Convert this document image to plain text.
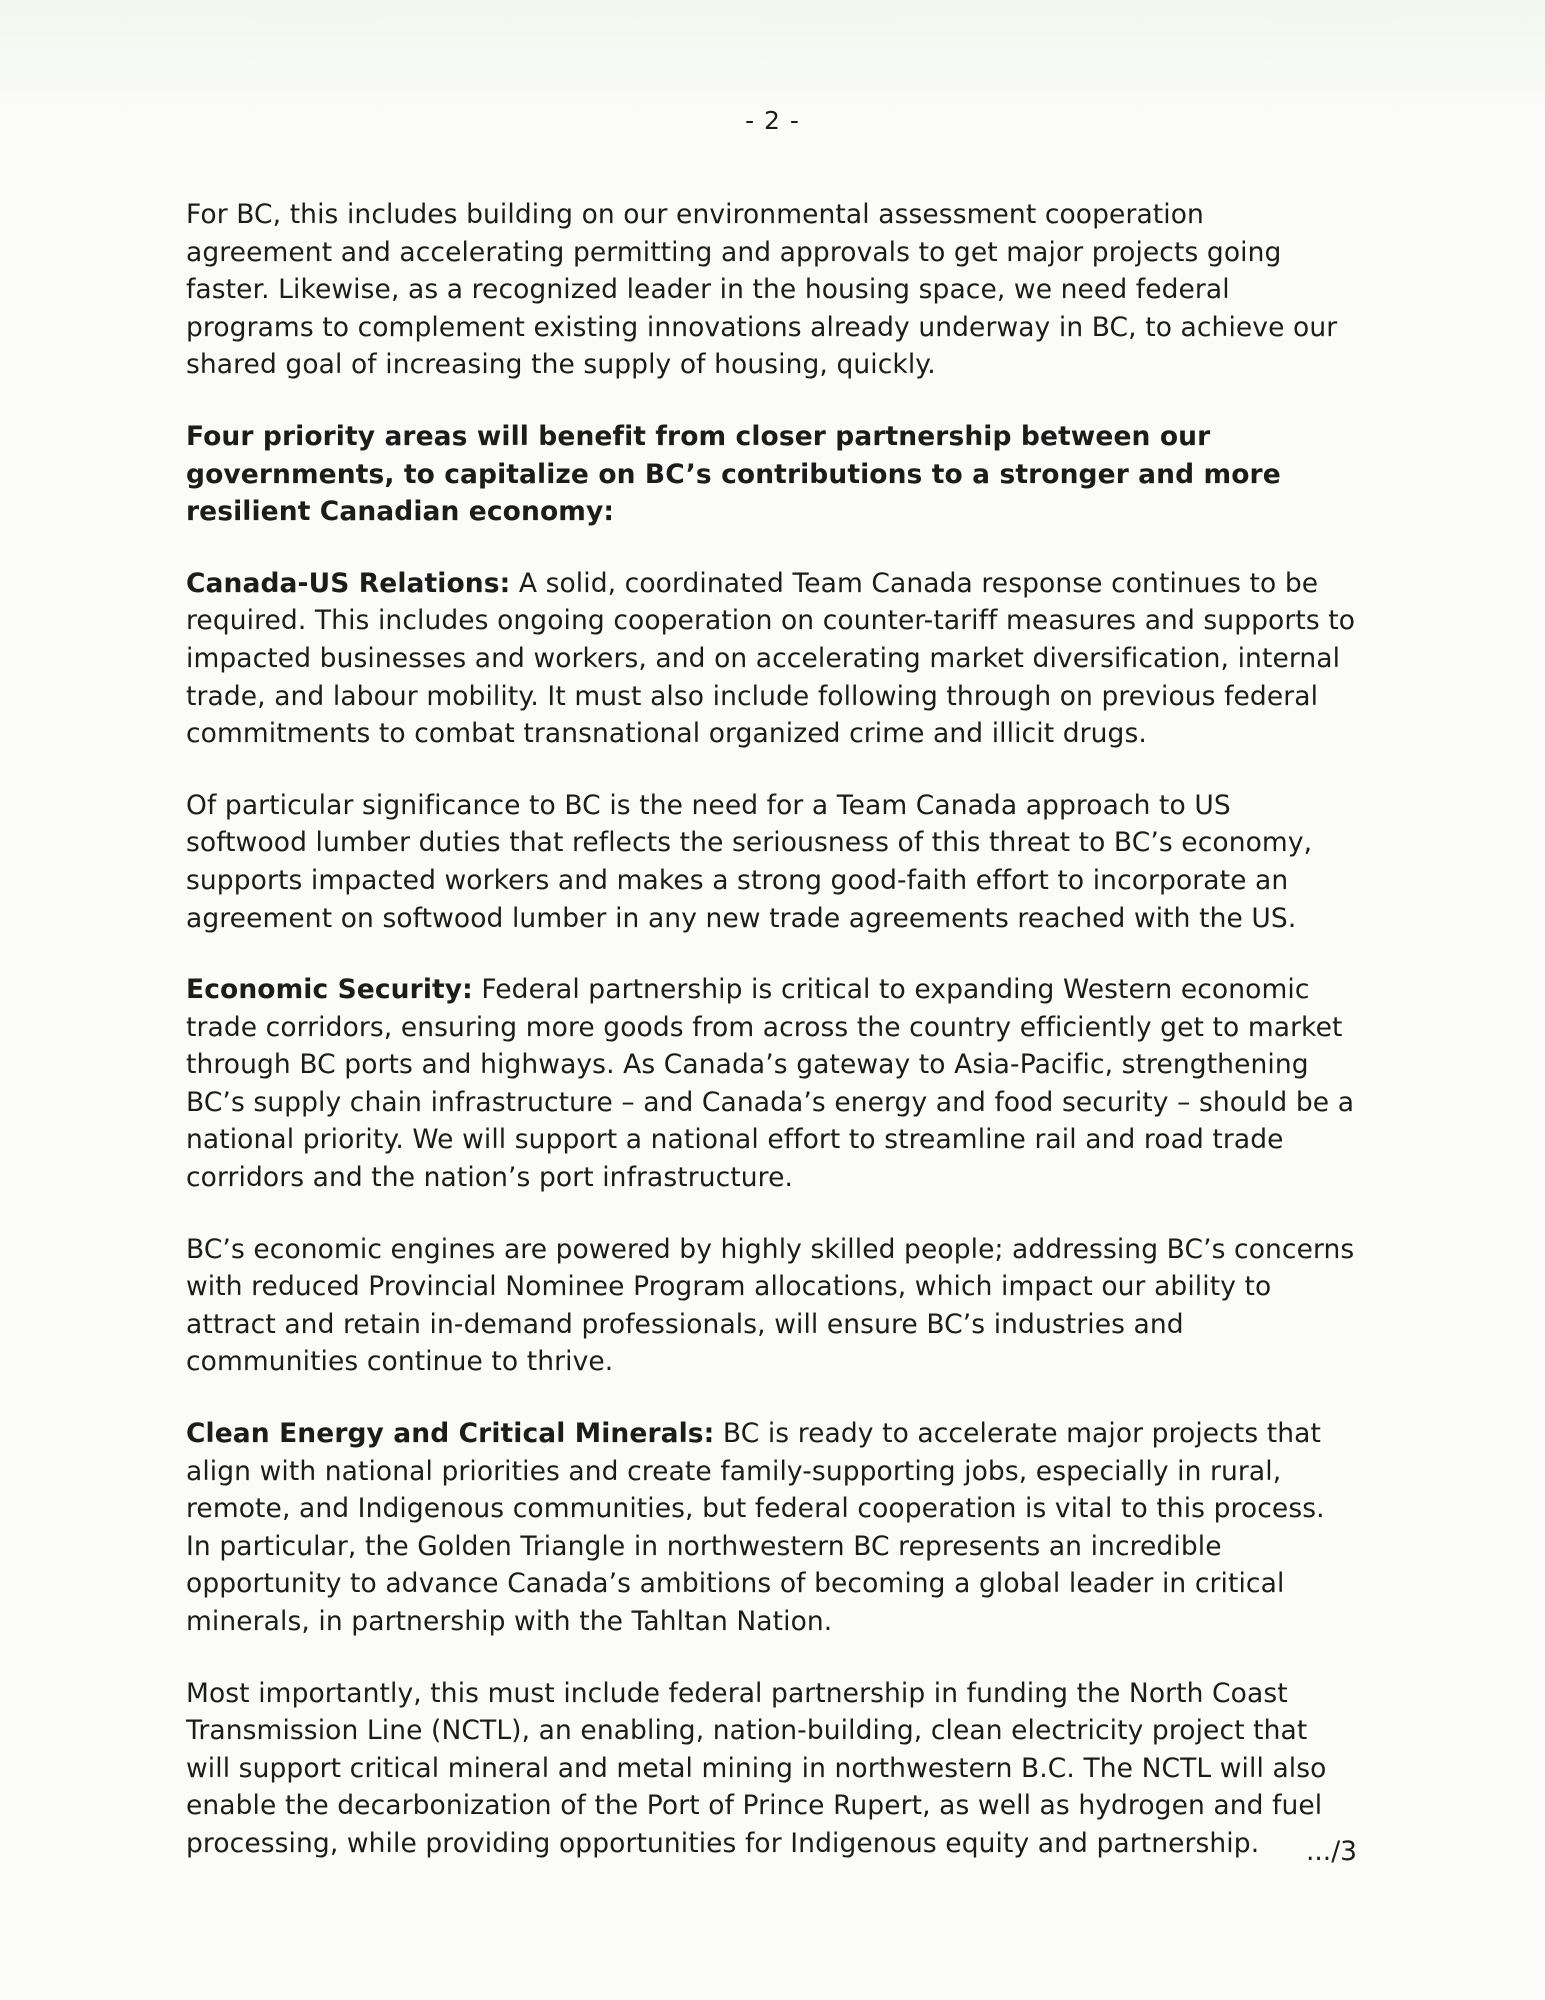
- 2 -

For BC, this includes building on our environmental assessment cooperation agreement and accelerating permitting and approvals to get major projects going faster. Likewise, as a recognized leader in the housing space, we need federal programs to complement existing innovations already underway in BC, to achieve our shared goal of increasing the supply of housing, quickly.

Four priority areas will benefit from closer partnership between our governments, to capitalize on BC’s contributions to a stronger and more resilient Canadian economy:

Canada-US Relations: A solid, coordinated Team Canada response continues to be required. This includes ongoing cooperation on counter-tariff measures and supports to impacted businesses and workers, and on accelerating market diversification, internal trade, and labour mobility. It must also include following through on previous federal commitments to combat transnational organized crime and illicit drugs.

Of particular significance to BC is the need for a Team Canada approach to US softwood lumber duties that reflects the seriousness of this threat to BC’s economy, supports impacted workers and makes a strong good-faith effort to incorporate an agreement on softwood lumber in any new trade agreements reached with the US.

Economic Security: Federal partnership is critical to expanding Western economic trade corridors, ensuring more goods from across the country efficiently get to market through BC ports and highways. As Canada’s gateway to Asia-Pacific, strengthening BC’s supply chain infrastructure – and Canada’s energy and food security – should be a national priority. We will support a national effort to streamline rail and road trade corridors and the nation’s port infrastructure.

BC’s economic engines are powered by highly skilled people; addressing BC’s concerns with reduced Provincial Nominee Program allocations, which impact our ability to attract and retain in-demand professionals, will ensure BC’s industries and communities continue to thrive.

Clean Energy and Critical Minerals: BC is ready to accelerate major projects that align with national priorities and create family-supporting jobs, especially in rural, remote, and Indigenous communities, but federal cooperation is vital to this process. In particular, the Golden Triangle in northwestern BC represents an incredible opportunity to advance Canada’s ambitions of becoming a global leader in critical minerals, in partnership with the Tahltan Nation.

Most importantly, this must include federal partnership in funding the North Coast Transmission Line (NCTL), an enabling, nation-building, clean electricity project that will support critical mineral and metal mining in northwestern B.C. The NCTL will also enable the decarbonization of the Port of Prince Rupert, as well as hydrogen and fuel processing, while providing opportunities for Indigenous equity and partnership.	.../3
